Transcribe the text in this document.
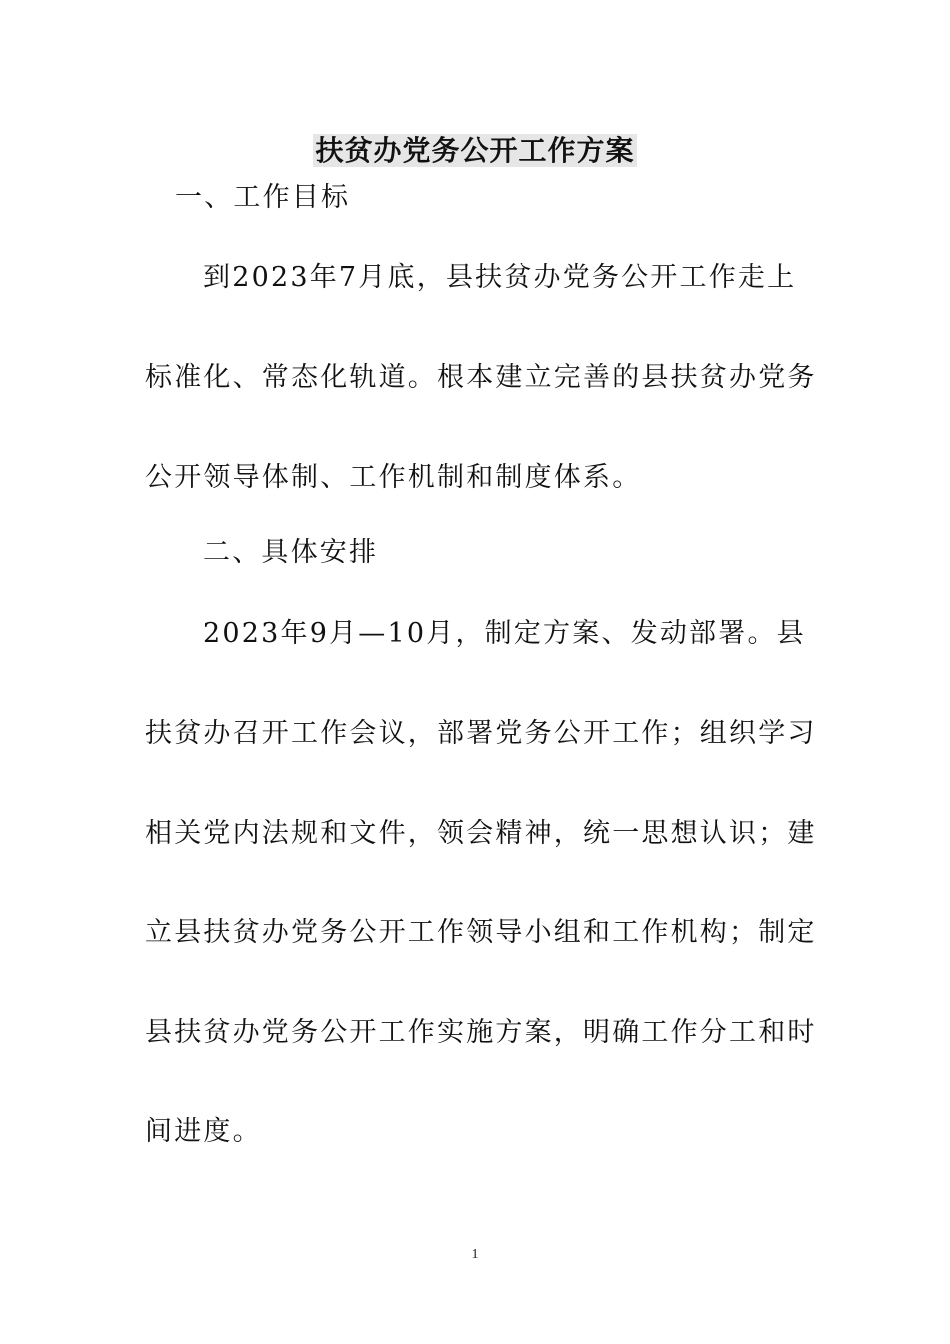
扶贫办党务公开工作方案
一、工作目标
到2023年7月底，县扶贫办党务公开工作走上
标准化、常态化轨道。根本建立完善的县扶贫办党务
公开领导体制、工作机制和制度体系。
二、具体安排
2023年9月—10月，制定方案、发动部署。县
扶贫办召开工作会议，部署党务公开工作；组织学习
相关党内法规和文件，领会精神，统一思想认识；建
立县扶贫办党务公开工作领导小组和工作机构；制定
县扶贫办党务公开工作实施方案，明确工作分工和时
间进度。
1
